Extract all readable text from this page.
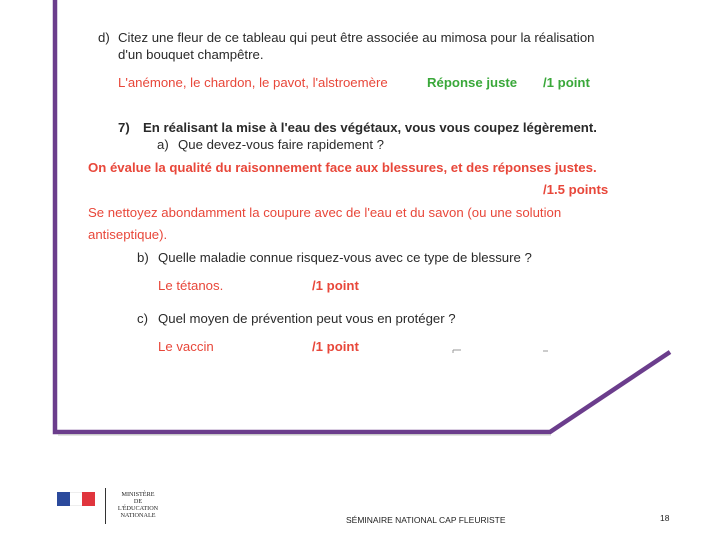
d) Citez une fleur de ce tableau qui peut être associée au mimosa pour la réalisation
d'un bouquet champêtre.
L'anémone, le chardon, le pavot, l'alstroemère	Réponse juste /1 point
7) En réalisant la mise à l'eau des végétaux, vous vous coupez légèrement.
a) Que devez-vous faire rapidement ?
On évalue la qualité du raisonnement face aux blessures, et des réponses justes.
/1.5 points
Se nettoyez abondamment la coupure avec de l'eau et du savon (ou une solution
antiseptique).
b) Quelle maladie connue risquez-vous avec ce type de blessure ?
Le tétanos.	/1 point
c) Quel moyen de prévention peut vous en protéger ?
Le vaccin	/1 point
MINISTÈRE
DE L'ÉDUCATION
NATIONALE	SÉMINAIRE NATIONAL CAP FLEURISTE	18
